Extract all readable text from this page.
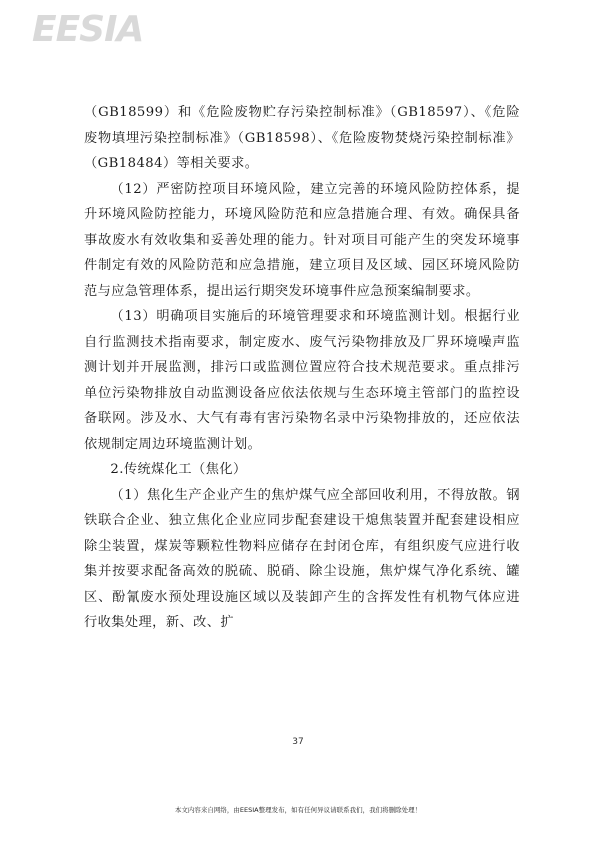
EESIA

（GB18599）和《危险废物贮存污染控制标准》（GB18597）、《危险废物填埋污染控制标准》（GB18598）、《危险废物焚烧污染控制标准》（GB18484）等相关要求。

（12）严密防控项目环境风险，建立完善的环境风险防控体系，提升环境风险防控能力，环境风险防范和应急措施合理、有效。确保具备事故废水有效收集和妥善处理的能力。针对项目可能产生的突发环境事件制定有效的风险防范和应急措施，建立项目及区域、园区环境风险防范与应急管理体系，提出运行期突发环境事件应急预案编制要求。

（13）明确项目实施后的环境管理要求和环境监测计划。根据行业自行监测技术指南要求，制定废水、废气污染物排放及厂界环境噪声监测计划并开展监测，排污口或监测位置应符合技术规范要求。重点排污单位污染物排放自动监测设备应依法依规与生态环境主管部门的监控设备联网。涉及水、大气有毒有害污染物名录中污染物排放的，还应依法依规制定周边环境监测计划。

2.传统煤化工（焦化）

（1）焦化生产企业产生的焦炉煤气应全部回收利用，不得放散。钢铁联合企业、独立焦化企业应同步配套建设干熄焦装置并配套建设相应除尘装置，煤炭等颗粒性物料应储存在封闭仓库，有组织废气应进行收集并按要求配备高效的脱硫、脱硝、除尘设施，焦炉煤气净化系统、罐区、酚氰废水预处理设施区域以及装卸产生的含挥发性有机物气体应进行收集处理，新、改、扩

37
本文内容来自网络，由EESIA整理发布，如有任何异议请联系我们，我们将删除处理！
